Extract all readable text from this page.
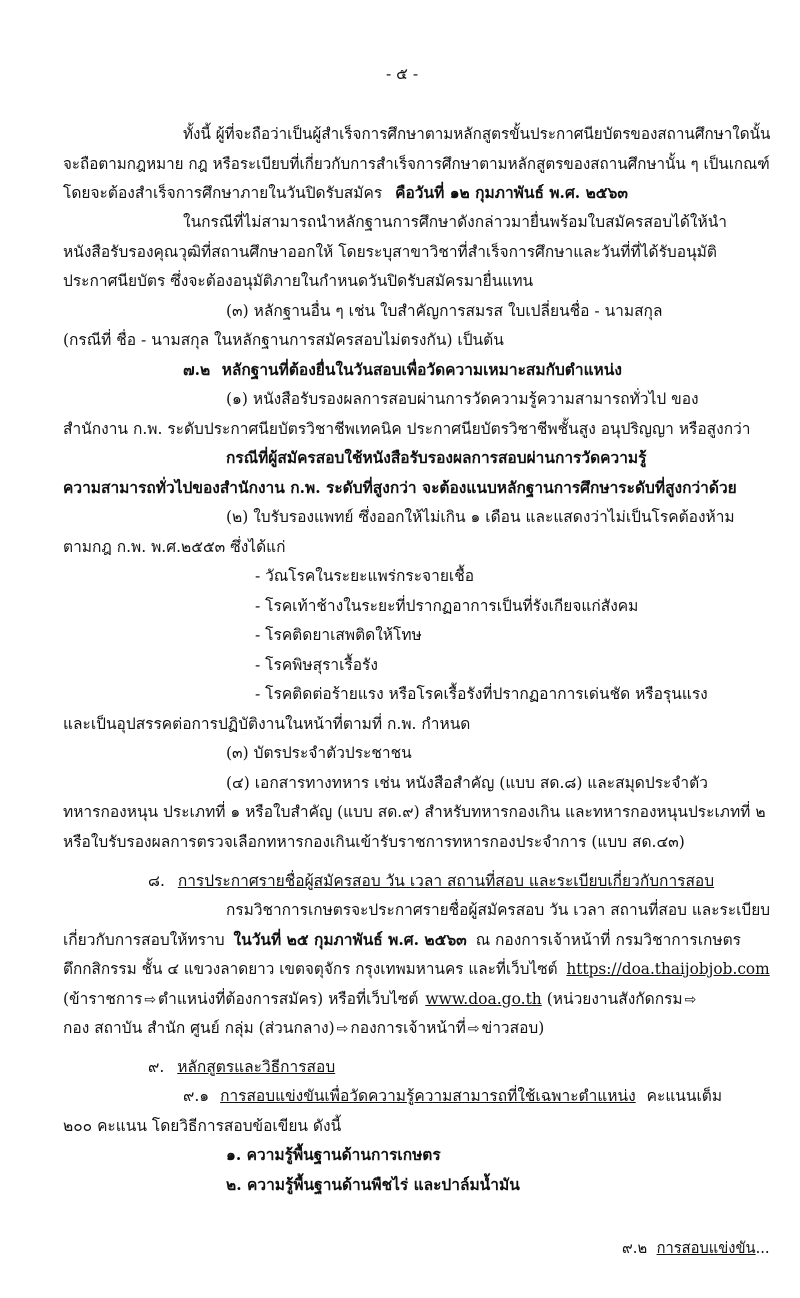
- ๕ -
ทั้งนี้ ผู้ที่จะถือว่าเป็นผู้สำเร็จการศึกษาตามหลักสูตรขั้นประกาศนียบัตรของสถานศึกษาใดนั้น
จะถือตามกฎหมาย กฎ หรือระเบียบที่เกี่ยวกับการสำเร็จการศึกษาตามหลักสูตรของสถานศึกษานั้น ๆ เป็นเกณฑ์
โดยจะต้องสำเร็จการศึกษาภายในวันปิดรับสมัคร คือวันที่ ๑๒ กุมภาพันธ์ พ.ศ. ๒๕๖๓
ในกรณีที่ไม่สามารถนำหลักฐานการศึกษาดังกล่าวมายื่นพร้อมใบสมัครสอบได้ให้นำ
หนังสือรับรองคุณวุฒิที่สถานศึกษาออกให้ โดยระบุสาขาวิชาที่สำเร็จการศึกษาและวันที่ที่ได้รับอนุมัติ
ประกาศนียบัตร ซึ่งจะต้องอนุมัติภายในกำหนดวันปิดรับสมัครมายื่นแทน
(๓) หลักฐานอื่น ๆ เช่น ใบสำคัญการสมรส ใบเปลี่ยนชื่อ - นามสกุล
(กรณีที่ ชื่อ - นามสกุล ในหลักฐานการสมัครสอบไม่ตรงกัน) เป็นต้น
๗.๒ หลักฐานที่ต้องยื่นในวันสอบเพื่อวัดความเหมาะสมกับตำแหน่ง
(๑) หนังสือรับรองผลการสอบผ่านการวัดความรู้ความสามารถทั่วไป ของ
สำนักงาน ก.พ. ระดับประกาศนียบัตรวิชาชีพเทคนิค ประกาศนียบัตรวิชาชีพชั้นสูง อนุปริญญา หรือสูงกว่า
กรณีที่ผู้สมัครสอบใช้หนังสือรับรองผลการสอบผ่านการวัดความรู้
ความสามารถทั่วไปของสำนักงาน ก.พ. ระดับที่สูงกว่า จะต้องแนบหลักฐานการศึกษาระดับที่สูงกว่าด้วย
(๒) ใบรับรองแพทย์ ซึ่งออกให้ไม่เกิน ๑ เดือน และแสดงว่าไม่เป็นโรคต้องห้าม
ตามกฎ ก.พ. พ.ศ.๒๕๕๓ ซึ่งได้แก่
- วัณโรคในระยะแพร่กระจายเชื้อ
- โรคเท้าช้างในระยะที่ปรากฏอาการเป็นที่รังเกียจแก่สังคม
- โรคติดยาเสพติดให้โทษ
- โรคพิษสุราเรื้อรัง
- โรคติดต่อร้ายแรง หรือโรคเรื้อรังที่ปรากฏอาการเด่นชัด หรือรุนแรง
และเป็นอุปสรรคต่อการปฏิบัติงานในหน้าที่ตามที่ ก.พ. กำหนด
(๓) บัตรประจำตัวประชาชน
(๔) เอกสารทางทหาร เช่น หนังสือสำคัญ (แบบ สด.๘) และสมุดประจำตัว
ทหารกองหนุน ประเภทที่ ๑ หรือใบสำคัญ (แบบ สด.๙) สำหรับทหารกองเกิน และทหารกองหนุนประเภทที่ ๒
หรือใบรับรองผลการตรวจเลือกทหารกองเกินเข้ารับราชการทหารกองประจำการ (แบบ สด.๔๓)
๘. การประกาศรายชื่อผู้สมัครสอบ วัน เวลา สถานที่สอบ และระเบียบเกี่ยวกับการสอบ
กรมวิชาการเกษตรจะประกาศรายชื่อผู้สมัครสอบ วัน เวลา สถานที่สอบ และระเบียบ
เกี่ยวกับการสอบให้ทราบ ในวันที่ ๒๕ กุมภาพันธ์ พ.ศ. ๒๕๖๓ ณ กองการเจ้าหน้าที่ กรมวิชาการเกษตร
ตึกกสิกรรม ชั้น ๔ แขวงลาดยาว เขตจตุจักร กรุงเทพมหานคร และที่เว็บไซต์ https://doa.thaijobjob.com
(ข้าราชการ ⇨ ตำแหน่งที่ต้องการสมัคร) หรือที่เว็บไซต์ www.doa.go.th (หน่วยงานสังกัดกรม ⇨
กอง สถาบัน สำนัก ศูนย์ กลุ่ม (ส่วนกลาง) ⇨ กองการเจ้าหน้าที่ ⇨ ข่าวสอบ)
๙. หลักสูตรและวิธีการสอบ
๙.๑ การสอบแข่งขันเพื่อวัดความรู้ความสามารถที่ใช้เฉพาะตำแหน่ง คะแนนเต็ม
๒๐๐ คะแนน โดยวิธีการสอบข้อเขียน ดังนี้
๑. ความรู้พื้นฐานด้านการเกษตร
๒. ความรู้พื้นฐานด้านพืชไร่ และปาล์มน้ำมัน
๙.๒ การสอบแข่งขัน...
